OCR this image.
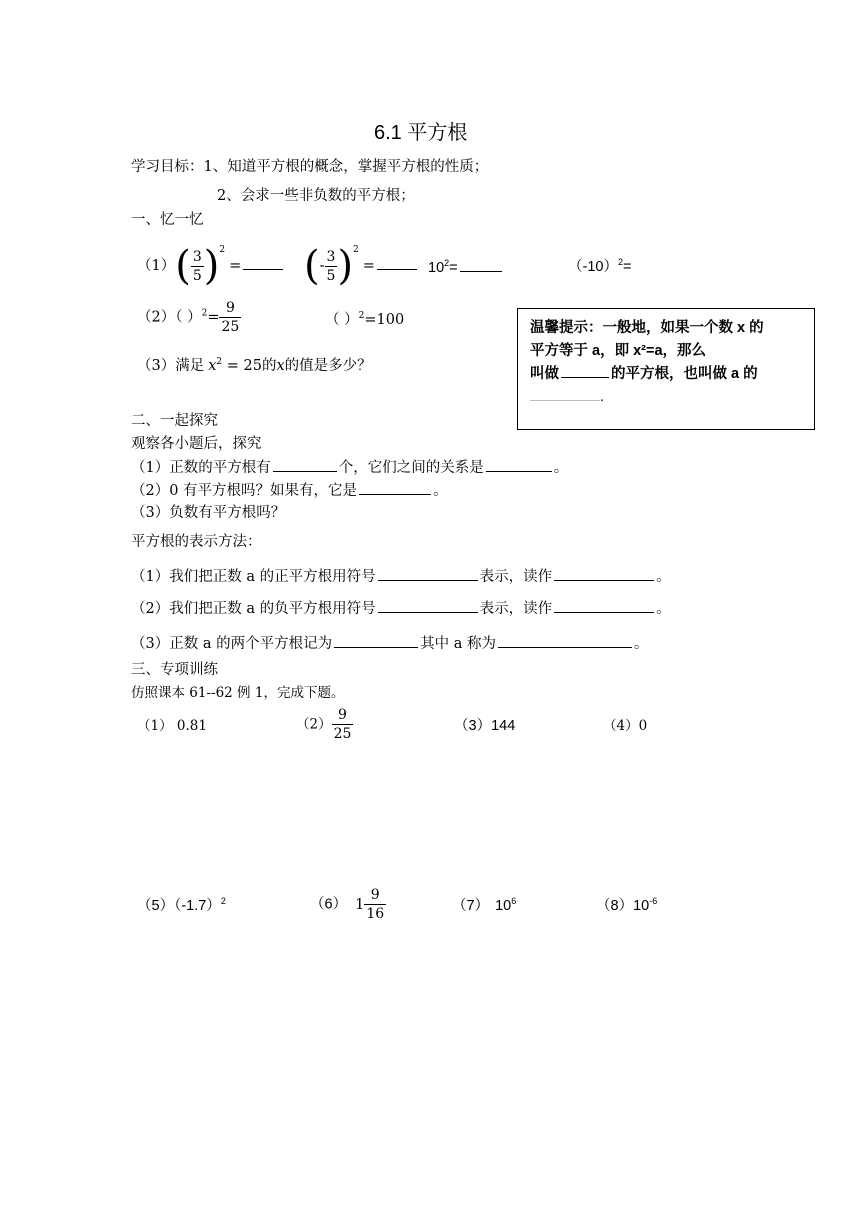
6.1 平方根
学习目标：1、知道平方根的概念，掌握平方根的性质；
2、会求一些非负数的平方根；
一、忆一忆
$(1)( \frac{3}{5} )^2=$	(- $\frac{3}{5} )^2=$	$10^2=$	$(-10)^2=$
（2）（ ）$^2= \frac{9}{25}$	（ ）$^2$=100
（3）满足 $x^2 = 25$的x的值是多少？
温馨提示：一般地，如果一个数 x 的
平方等于 a，即 x²=a，那么
叫做	的平方根，也叫做 a 的
.
二、一起探究
观察各小题后，探究
（1）正数的平方根有	个，它们之间的关系是	。
（2）0 有平方根吗？如果有，它是	。
（3）负数有平方根吗？
平方根的表示方法：
（1）我们把正数 a 的正平方根用符号	表示，读作	。
（2）我们把正数 a 的负平方根用符号	表示，读作	。
（3）正数 a 的两个平方根记为	其中 a 称为	。
三、专项训练
仿照课本 61--62 例 1，完成下题。
（1） 0.81	$(2) \frac{9}{25}$	（3）144	（4）0
$(5)(-1.7)^2$	（6） $1 \frac{9}{16}$	（7） $10^6$	$(8)10^{-6}$
